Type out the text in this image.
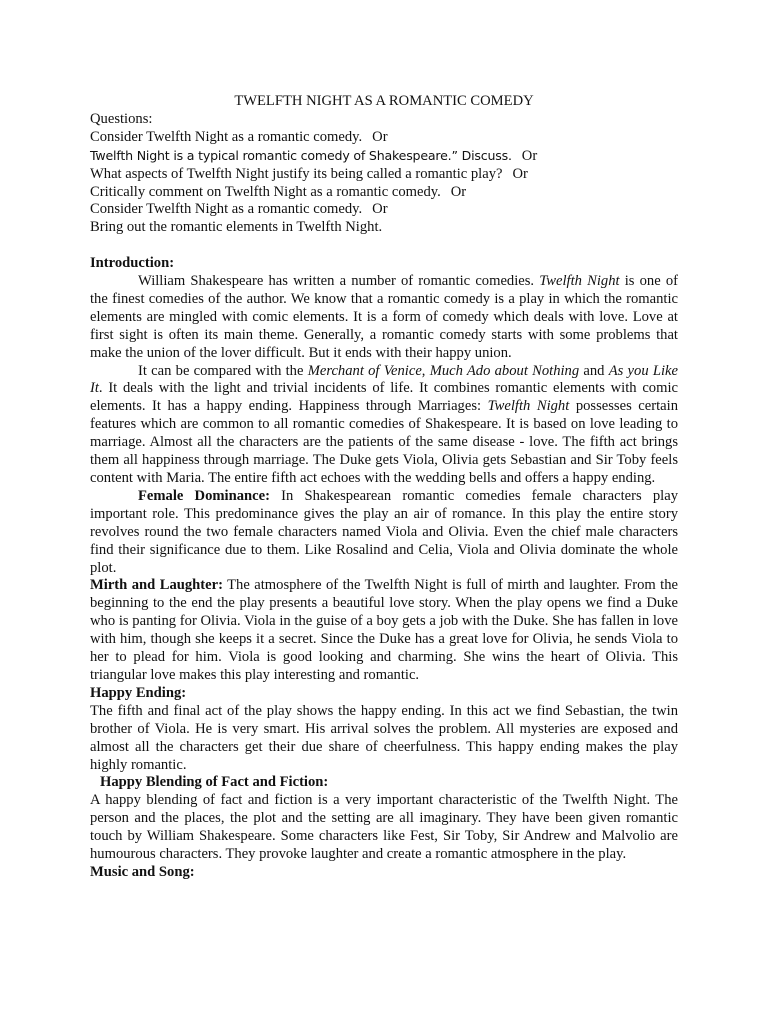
TWELFTH NIGHT AS A ROMANTIC COMEDY

Questions:

Consider Twelfth Night as a romantic comedy. Or

Twelfth Night is a typical romantic comedy of Shakespeare.” Discuss. Or

What aspects of Twelfth Night justify its being called a romantic play? Or

Critically comment on Twelfth Night as a romantic comedy. Or

Consider Twelfth Night as a romantic comedy. Or

Bring out the romantic elements in Twelfth Night.

Introduction:

William Shakespeare has written a number of romantic comedies. Twelfth Night is one of the finest comedies of the author. We know that a romantic comedy is a play in which the romantic elements are mingled with comic elements. It is a form of comedy which deals with love. Love at first sight is often its main theme. Generally, a romantic comedy starts with some problems that make the union of the lover difficult. But it ends with their happy union.

It can be compared with the Merchant of Venice, Much Ado about Nothing and As you Like It. It deals with the light and trivial incidents of life. It combines romantic elements with comic elements. It has a happy ending. Happiness through Marriages: Twelfth Night possesses certain features which are common to all romantic comedies of Shakespeare. It is based on love leading to marriage. Almost all the characters are the patients of the same disease - love. The fifth act brings them all happiness through marriage. The Duke gets Viola, Olivia gets Sebastian and Sir Toby feels content with Maria. The entire fifth act echoes with the wedding bells and offers a happy ending.

Female Dominance: In Shakespearean romantic comedies female characters play important role. This predominance gives the play an air of romance. In this play the entire story revolves round the two female characters named Viola and Olivia. Even the chief male characters find their significance due to them. Like Rosalind and Celia, Viola and Olivia dominate the whole plot.

Mirth and Laughter: The atmosphere of the Twelfth Night is full of mirth and laughter. From the beginning to the end the play presents a beautiful love story. When the play opens we find a Duke who is panting for Olivia. Viola in the guise of a boy gets a job with the Duke. She has fallen in love with him, though she keeps it a secret. Since the Duke has a great love for Olivia, he sends Viola to her to plead for him. Viola is good looking and charming. She wins the heart of Olivia. This triangular love makes this play interesting and romantic.

Happy Ending:

The fifth and final act of the play shows the happy ending. In this act we find Sebastian, the twin brother of Viola. He is very smart. His arrival solves the problem. All mysteries are exposed and almost all the characters get their due share of cheerfulness. This happy ending makes the play highly romantic.

Happy Blending of Fact and Fiction:

A happy blending of fact and fiction is a very important characteristic of the Twelfth Night. The person and the places, the plot and the setting are all imaginary. They have been given romantic touch by William Shakespeare. Some characters like Fest, Sir Toby, Sir Andrew and Malvolio are humourous characters. They provoke laughter and create a romantic atmosphere in the play.

Music and Song:
